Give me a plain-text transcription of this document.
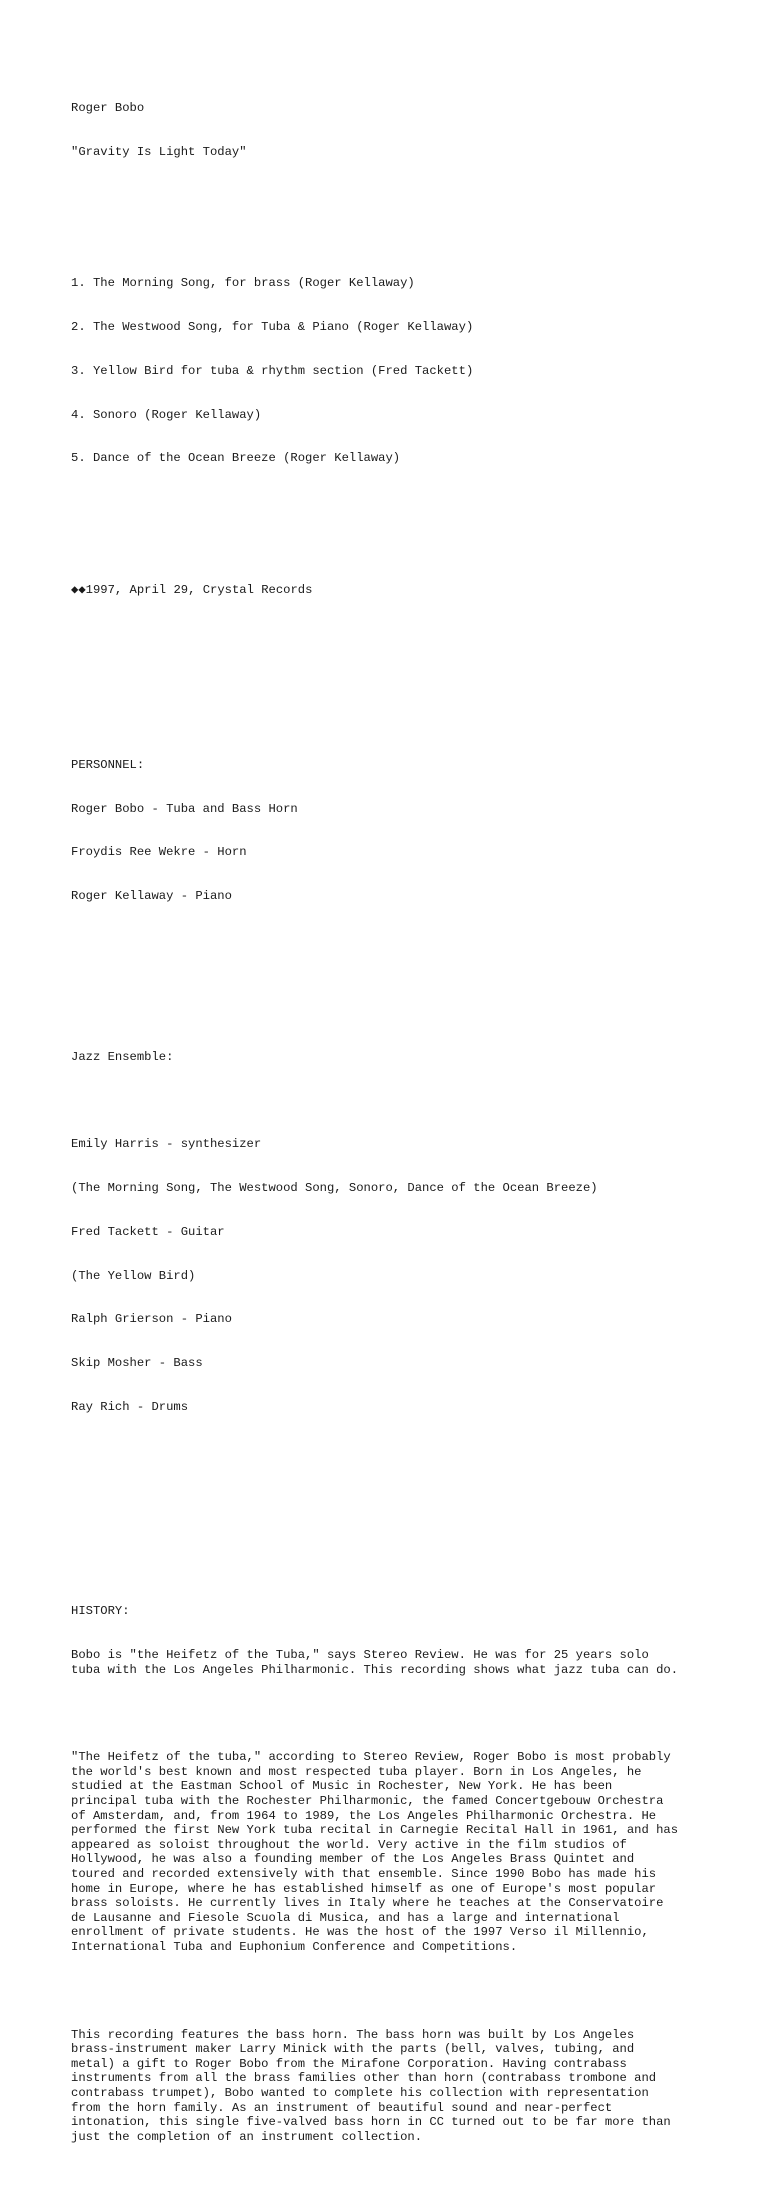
Roger Bobo

"Gravity Is Light Today"

1. The Morning Song, for brass (Roger Kellaway)

2. The Westwood Song, for Tuba & Piano (Roger Kellaway)

3. Yellow Bird for tuba & rhythm section (Fred Tackett)

4. Sonoro (Roger Kellaway)

5. Dance of the Ocean Breeze (Roger Kellaway)

◆◆1997, April 29, Crystal Records

PERSONNEL:

Roger Bobo - Tuba and Bass Horn

Froydis Ree Wekre - Horn

Roger Kellaway - Piano

Jazz Ensemble:

Emily Harris - synthesizer

(The Morning Song, The Westwood Song, Sonoro, Dance of the Ocean Breeze)

Fred Tackett - Guitar

(The Yellow Bird)

Ralph Grierson - Piano

Skip Mosher - Bass

Ray Rich - Drums

HISTORY:

Bobo is "the Heifetz of the Tuba," says Stereo Review. He was for 25 years solo
tuba with the Los Angeles Philharmonic. This recording shows what jazz tuba can do.

"The Heifetz of the tuba," according to Stereo Review, Roger Bobo is most probably
the world's best known and most respected tuba player. Born in Los Angeles, he
studied at the Eastman School of Music in Rochester, New York. He has been
principal tuba with the Rochester Philharmonic, the famed Concertgebouw Orchestra
of Amsterdam, and, from 1964 to 1989, the Los Angeles Philharmonic Orchestra. He
performed the first New York tuba recital in Carnegie Recital Hall in 1961, and has
appeared as soloist throughout the world. Very active in the film studios of
Hollywood, he was also a founding member of the Los Angeles Brass Quintet and
toured and recorded extensively with that ensemble. Since 1990 Bobo has made his
home in Europe, where he has established himself as one of Europe's most popular
brass soloists. He currently lives in Italy where he teaches at the Conservatoire
de Lausanne and Fiesole Scuola di Musica, and has a large and international
enrollment of private students. He was the host of the 1997 Verso il Millennio,
International Tuba and Euphonium Conference and Competitions.

This recording features the bass horn. The bass horn was built by Los Angeles
brass-instrument maker Larry Minick with the parts (bell, valves, tubing, and
metal) a gift to Roger Bobo from the Mirafone Corporation. Having contrabass
instruments from all the brass families other than horn (contrabass trombone and
contrabass trumpet), Bobo wanted to complete his collection with representation
from the horn family. As an instrument of beautiful sound and near-perfect
intonation, this single five-valved bass horn in CC turned out to be far more than
just the completion of an instrument collection.
